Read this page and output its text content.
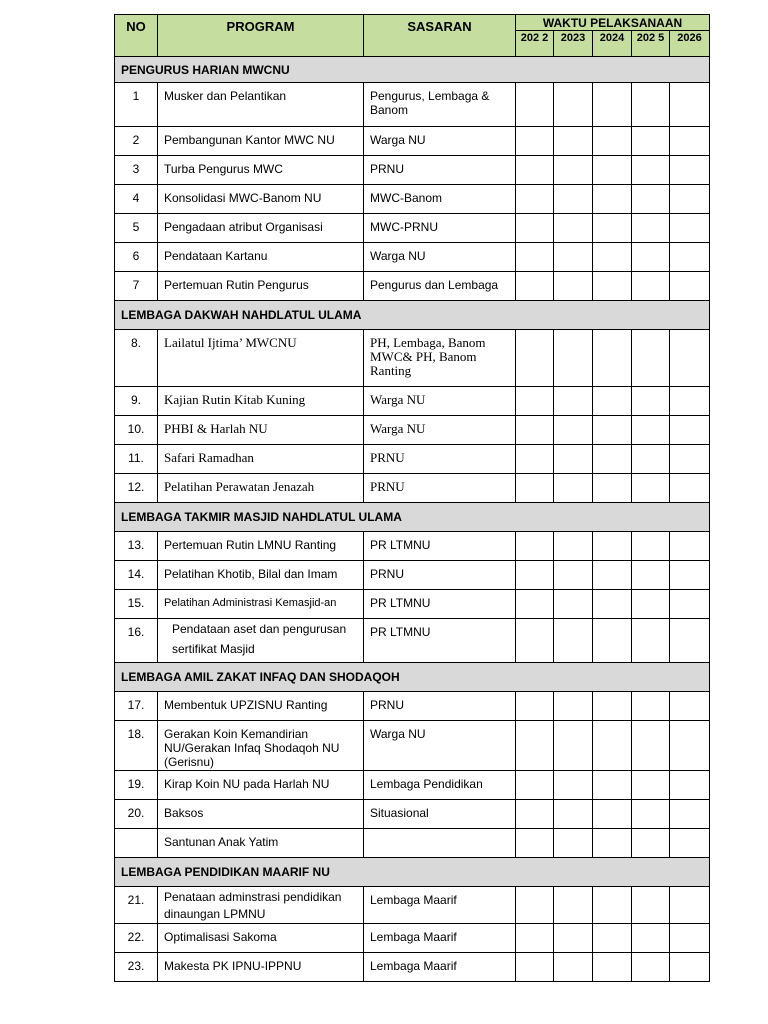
NO	PROGRAM	SASARAN	WAKTU PELAKSANAAN				
			202 2	2023	2024	202 5	2026
PENGURUS HARIAN MWCNU							
1	Musker dan Pelantikan	Pengurus, Lembaga & Banom					
2	Pembangunan Kantor MWC NU	Warga NU					
3	Turba Pengurus MWC	PRNU					
4	Konsolidasi MWC-Banom NU	MWC-Banom					
5	Pengadaan atribut Organisasi	MWC-PRNU					
6	Pendataan Kartanu	Warga NU					
7	Pertemuan Rutin Pengurus	Pengurus dan Lembaga					
LEMBAGA DAKWAH NAHDLATUL ULAMA							
8.	Lailatul Ijtima’ MWCNU	PH, Lembaga, Banom MWC& PH, Banom Ranting					
9.	Kajian Rutin Kitab Kuning	Warga NU					
10.	PHBI & Harlah NU	Warga NU					
11.	Safari Ramadhan	PRNU					
12.	Pelatihan Perawatan Jenazah	PRNU					
LEMBAGA TAKMIR MASJID NAHDLATUL ULAMA							
13.	Pertemuan Rutin LMNU Ranting	PR LTMNU					
14.	Pelatihan Khotib, Bilal dan Imam	PRNU					
15.	Pelatihan Administrasi Kemasjid-an	PR LTMNU					
16.	Pendataan aset dan pengurusan sertifikat Masjid	PR LTMNU					
LEMBAGA AMIL ZAKAT INFAQ DAN SHODAQOH							
17.	Membentuk UPZISNU Ranting	PRNU					
18.	Gerakan Koin Kemandirian NU/Gerakan Infaq Shodaqoh NU (Gerisnu)	Warga NU					
19.	Kirap Koin NU pada Harlah NU	Lembaga Pendidikan					
20.	Baksos	Situasional					
	Santunan Anak Yatim						
LEMBAGA PENDIDIKAN MAARIF NU							
21.	Penataan adminstrasi pendidikan dinaungan LPMNU	Lembaga Maarif					
22.	Optimalisasi Sakoma	Lembaga Maarif					
23.	Makesta PK IPNU-IPPNU	Lembaga Maarif					
